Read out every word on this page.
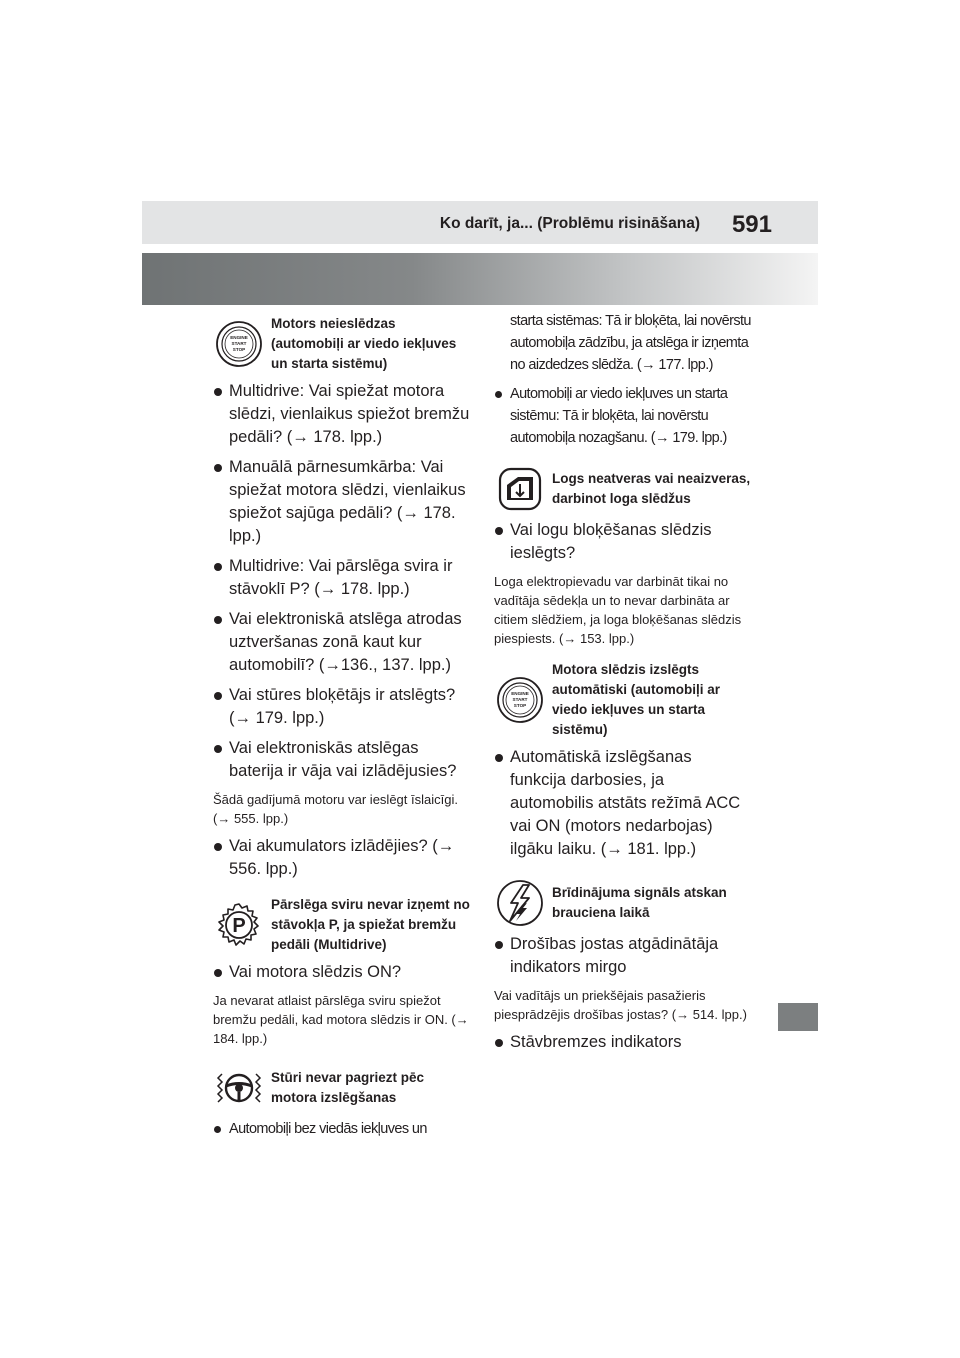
Ko darīt, ja... (Problēmu risināšana) 591
ENGINE
START
STOP
Motors neieslēdzas (automobiļi ar viedo iekļuves un starta sistēmu)
Multidrive: Vai spiežat motora slēdzi, vienlaikus spiežot bremžu pedāli? (→ 178. lpp.)
Manuālā pārnesumkārba: Vai spiežat motora slēdzi, vienlaikus spiežot sajūga pedāli? (→ 178. lpp.)
Multidrive: Vai pārslēga svira ir stāvoklī P? (→ 178. lpp.)
Vai elektroniskā atslēga atrodas uztveršanas zonā kaut kur automobilī? (→136., 137. lpp.)
Vai stūres bloķētājs ir atslēgts? (→ 179. lpp.)
Vai elektroniskās atslēgas baterija ir vāja vai izlādējusies?
Šādā gadījumā motoru var ieslēgt īslaicīgi. (→ 555. lpp.)
Vai akumulators izlādējies? (→ 556. lpp.)
P
Pārslēga sviru nevar izņemt no stāvokļa P, ja spiežat bremžu pedāli (Multidrive)
Vai motora slēdzis ON?
Ja nevarat atlaist pārslēga sviru spiežot bremžu pedāli, kad motora slēdzis ir ON. (→ 184. lpp.)
Stūri nevar pagriezt pēc motora izslēgšanas
Automobiļi bez viedās iekļuves un
starta sistēmas: Tā ir bloķēta, lai novērstu automobiļa zādzību, ja atslēga ir izņemta no aizdedzes slēdža. (→ 177. lpp.)
Automobiļi ar viedo iekļuves un starta sistēmu: Tā ir bloķēta, lai novērstu automobiļa nozagšanu. (→ 179. lpp.)
Logs neatveras vai neaizveras, darbinot loga slēdžus
Vai logu bloķēšanas slēdzis ieslēgts?
Loga elektropievadu var darbināt tikai no vadītāja sēdekļa un to nevar darbināta ar citiem slēdžiem, ja loga bloķēšanas slēdzis piespiests. (→ 153. lpp.)
ENGINE
START
STOP
Motora slēdzis izslēgts automātiski (automobiļi ar viedo iekļuves un starta sistēmu)
Automātiskā izslēgšanas funkcija darbosies, ja automobilis atstāts režīmā ACC vai ON (motors nedarbojas) ilgāku laiku. (→ 181. lpp.)
Brīdinājuma signāls atskan brauciena laikā
Drošības jostas atgādinātāja indikators mirgo
Vai vadītājs un priekšējais pasažieris piesprādzējis drošības jostas? (→ 514. lpp.)
Stāvbremzes indikators
